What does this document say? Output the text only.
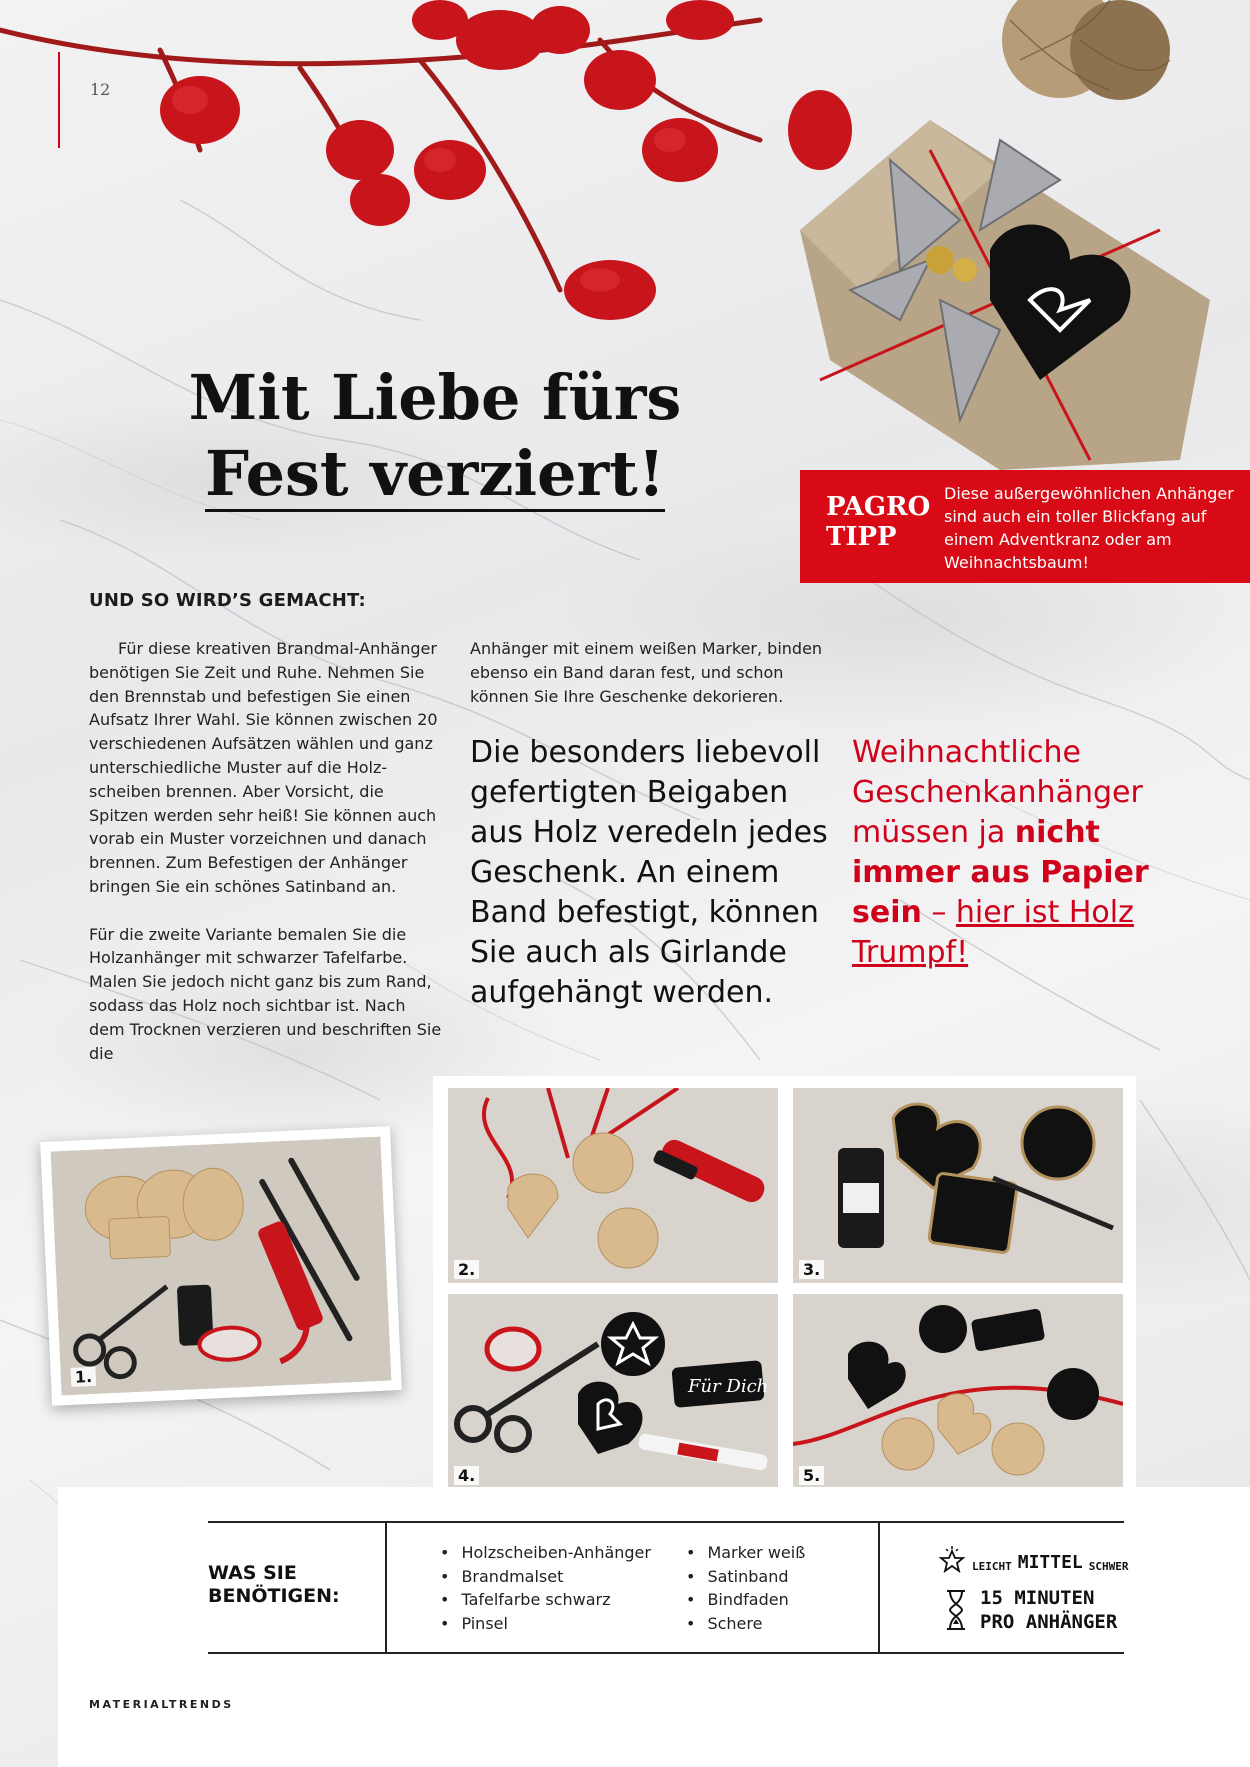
12
Mit Liebe fürs
Fest verziert!	PAGRO
TIPP
Diese außergewöhnlichen Anhänger sind auch ein toller Blickfang auf einem Adventkranz oder am Weihnachtsbaum!
UND SO WIRD’S GEMACHT:

Für diese kreativen Brandmal-Anhänger benötigen Sie Zeit und Ruhe. Nehmen Sie den Brennstab und befestigen Sie einen Aufsatz Ihrer Wahl. Sie können zwischen 20 verschiedenen Aufsätzen wählen und ganz unterschiedliche Muster auf die Holz-scheiben brennen. Aber Vorsicht, die Spitzen werden sehr heiß! Sie können auch vorab ein Muster vorzeichnen und danach brennen. Zum Befestigen der Anhänger bringen Sie ein schönes Satinband an.

Für die zweite Variante bemalen Sie die Holzanhänger mit schwarzer Tafelfarbe. Malen Sie jedoch nicht ganz bis zum Rand, sodass das Holz noch sichtbar ist. Nach dem Trocknen verzieren und beschriften Sie die

Anhänger mit einem weißen Marker, binden ebenso ein Band daran fest, und schon können Sie Ihre Geschenke dekorieren.

Die besonders liebevoll gefertigten Beigaben aus Holz veredeln jedes Geschenk. An einem Band befestigt, können Sie auch als Girlande aufgehängt werden.
Weihnachtliche Geschenkanhänger müssen ja nicht immer aus Papier sein – hier ist Holz Trumpf!
1.
2.	3.
Für Dich
4.	5.
WAS SIE
BENÖTIGEN:
• Holzscheiben-Anhänger
• Brandmalset
• Tafelfarbe schwarz
• Pinsel
• Marker weiß
• Satinband
• Bindfaden
• Schere
LEICHT MITTEL SCHWER
15 MINUTEN
PRO ANHÄNGER
MATERIALTRENDS
